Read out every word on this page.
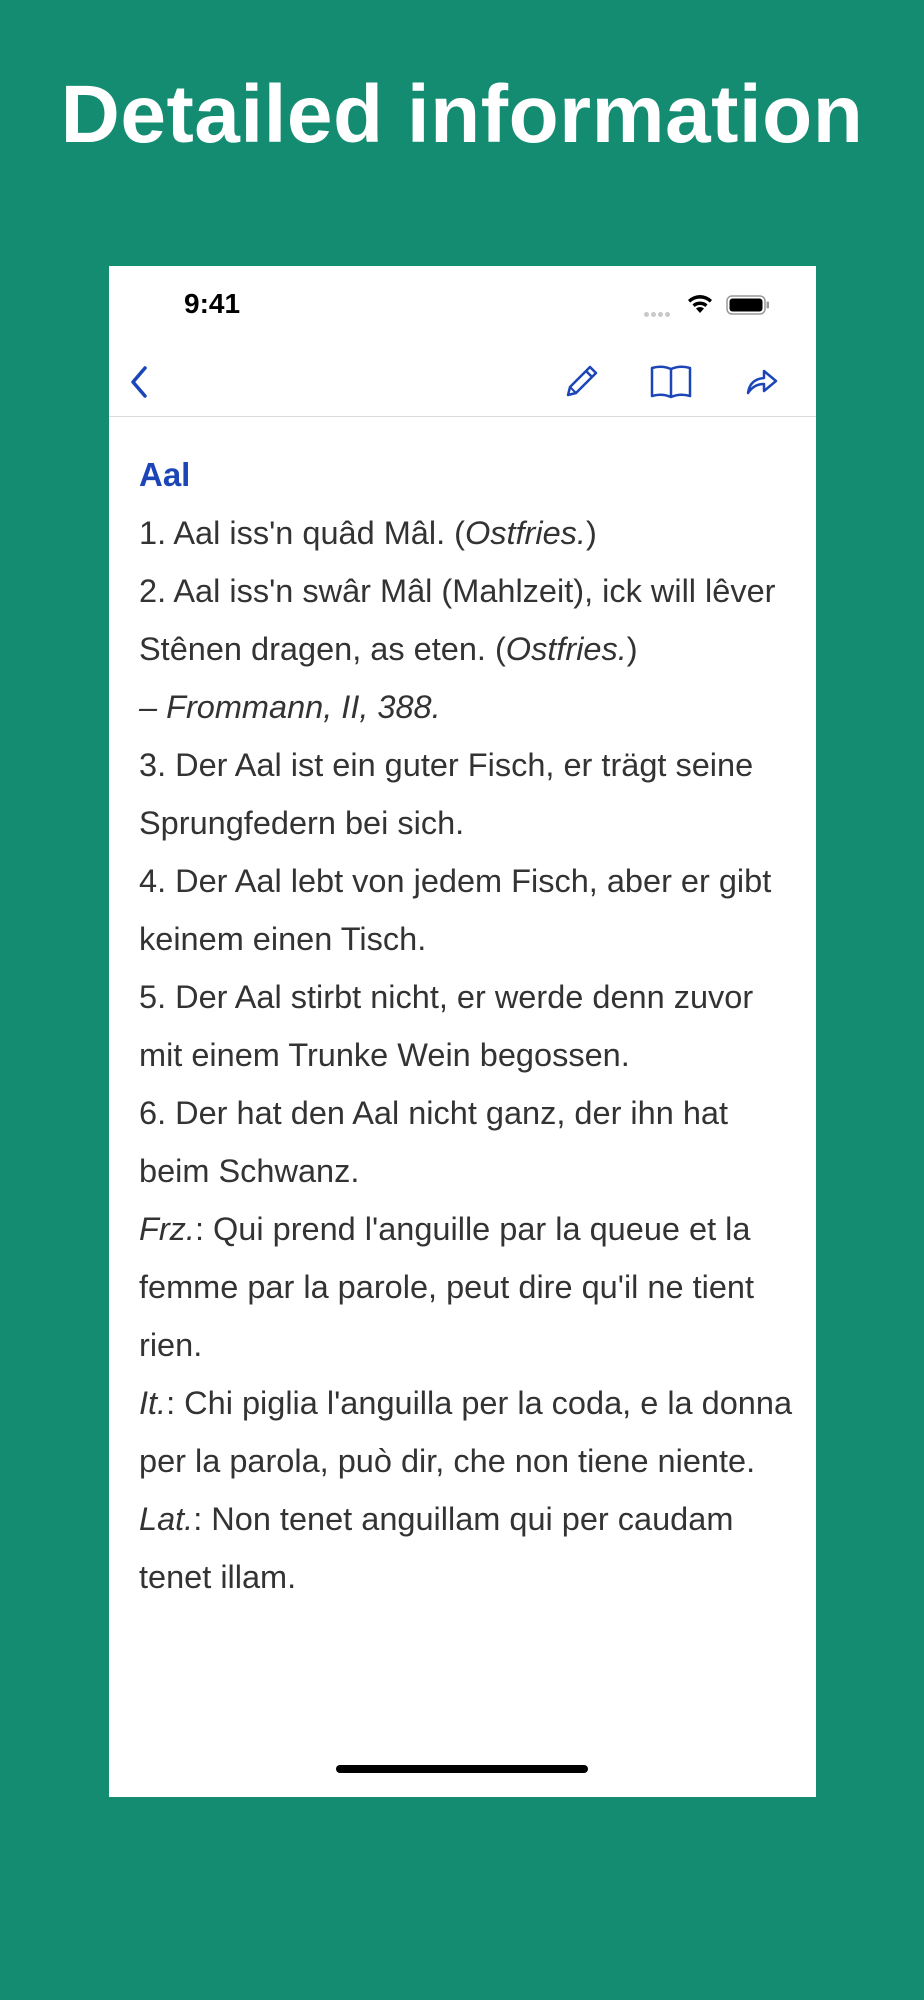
Detailed information
9:41
Aal

1. Aal iss'n quâd Mâl. (Ostfries.)

2. Aal iss'n swâr Mâl (Mahlzeit), ick will lêver Stênen dragen, as eten. (Ostfries.)

– Frommann, II, 388.

3. Der Aal ist ein guter Fisch, er trägt seine Sprungfedern bei sich.

4. Der Aal lebt von jedem Fisch, aber er gibt keinem einen Tisch.

5. Der Aal stirbt nicht, er werde denn zuvor mit einem Trunke Wein begossen.

6. Der hat den Aal nicht ganz, der ihn hat beim Schwanz.

Frz.: Qui prend l'anguille par la queue et la femme par la parole, peut dire qu'il ne tient rien.

It.: Chi piglia l'anguilla per la coda, e la donna per la parola, può dir, che non tiene niente.

Lat.: Non tenet anguillam qui per caudam tenet illam.
